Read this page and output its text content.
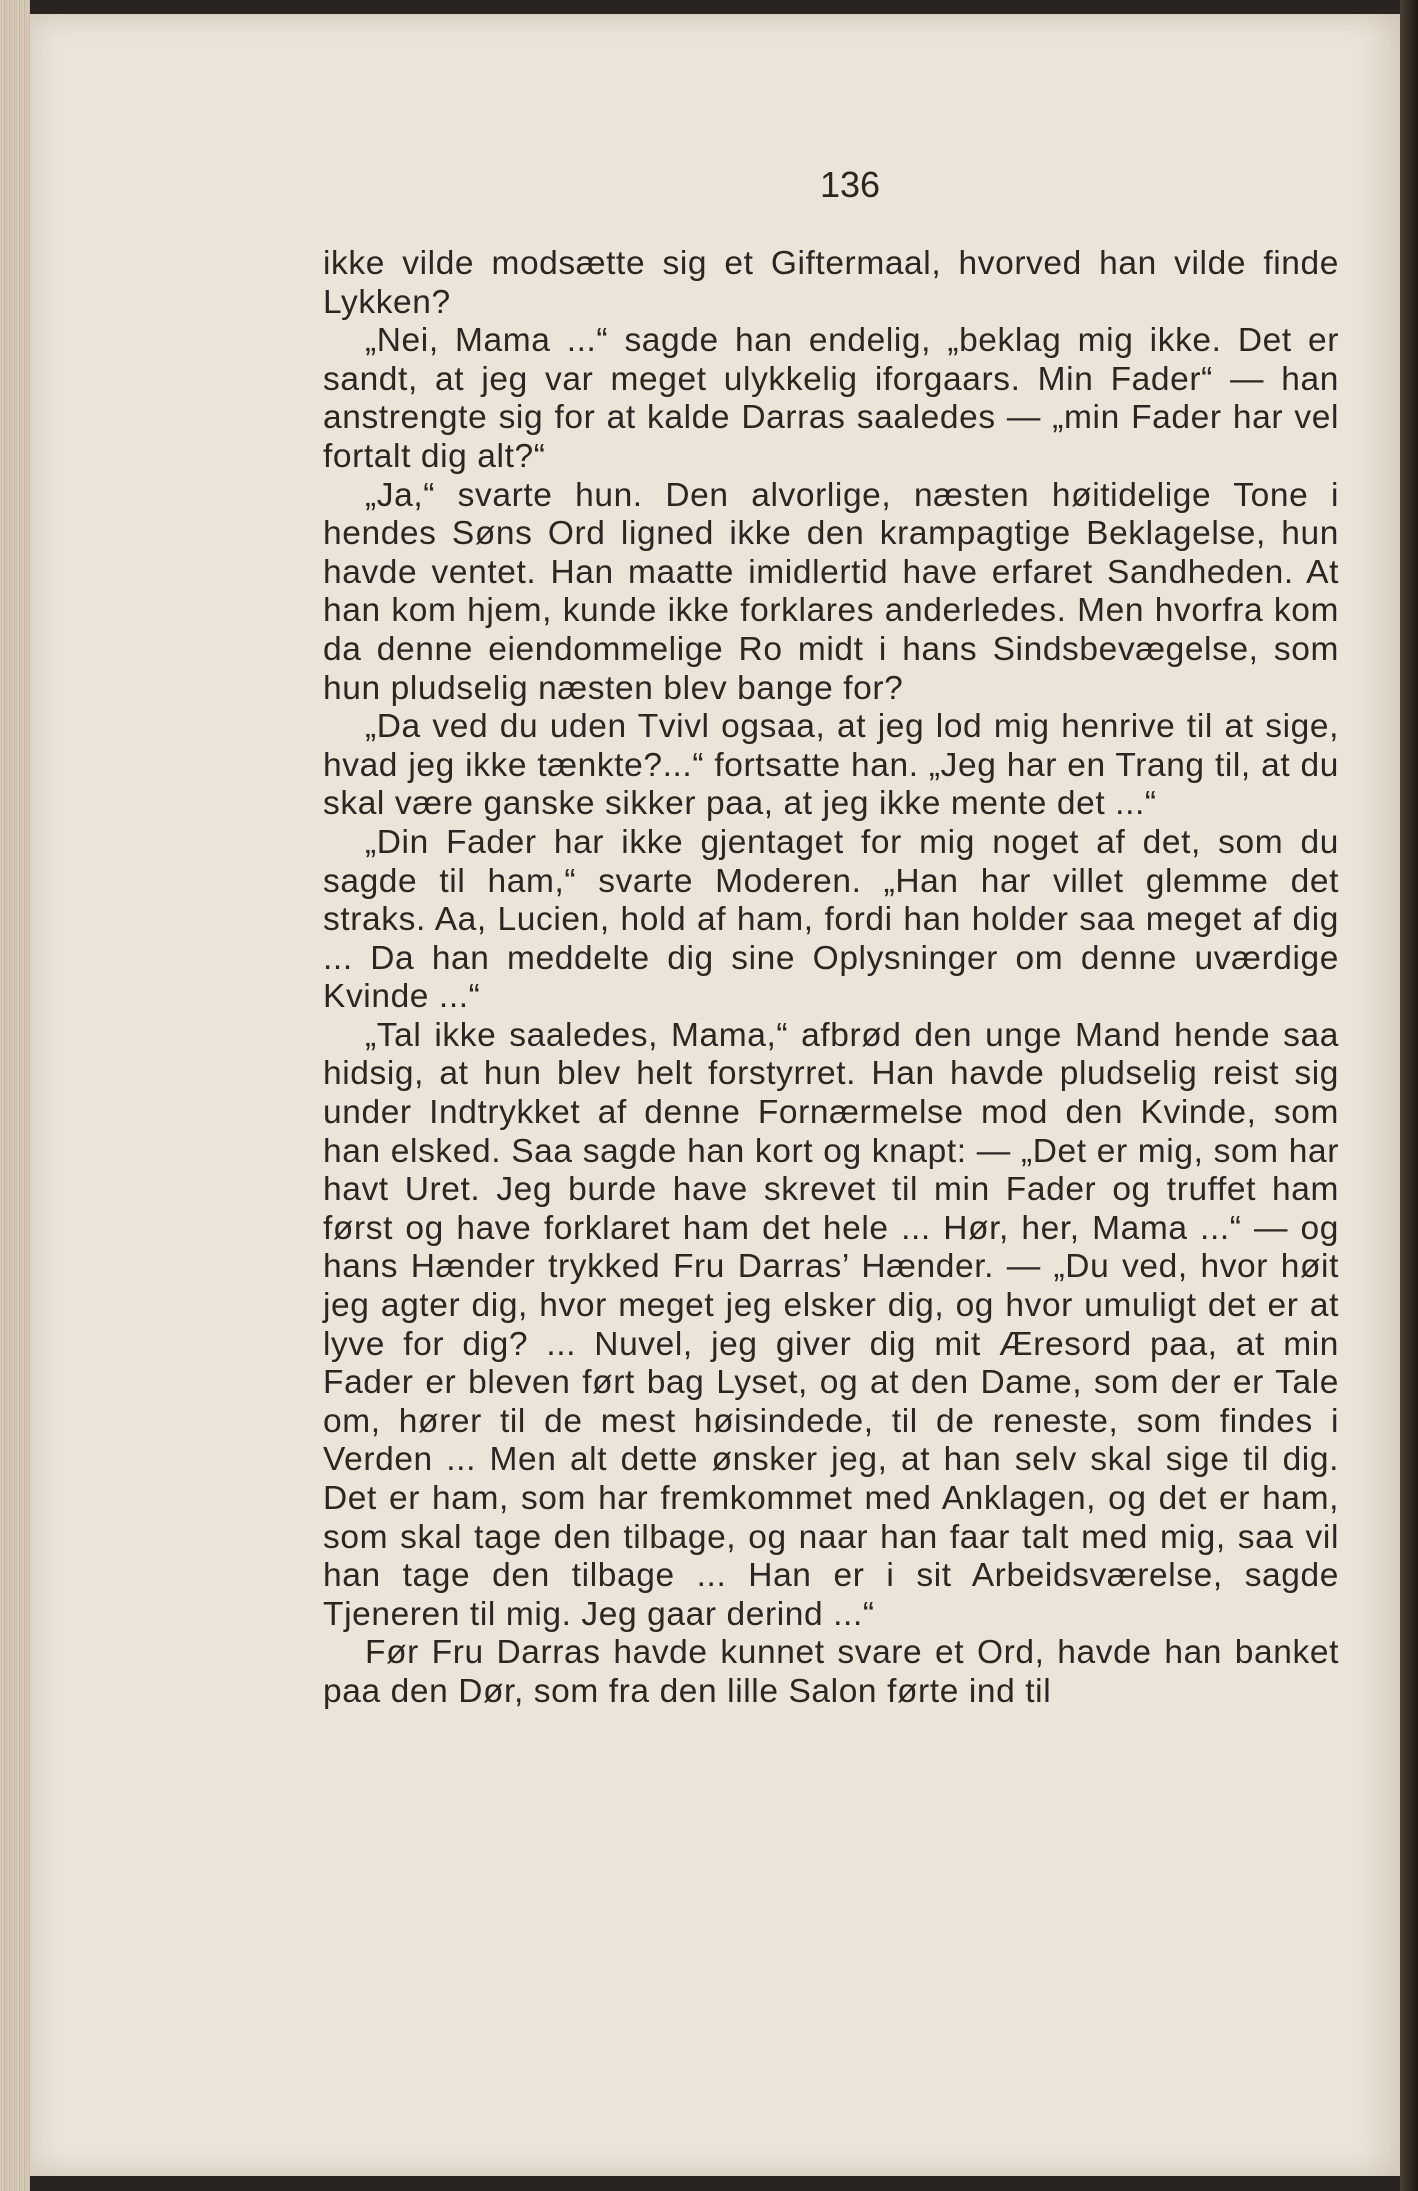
136

ikke vilde modsætte sig et Giftermaal, hvorved han vilde finde Lykken?

„Nei, Mama ...“ sagde han endelig, „beklag mig ikke. Det er sandt, at jeg var meget ulykkelig iforgaars. Min Fader“ — han anstrengte sig for at kalde Darras saaledes — „min Fader har vel fortalt dig alt?“

„Ja,“ svarte hun. Den alvorlige, næsten høitidelige Tone i hendes Søns Ord ligned ikke den krampagtige Beklagelse, hun havde ventet. Han maatte imidlertid have erfaret Sandheden. At han kom hjem, kunde ikke forklares anderledes. Men hvorfra kom da denne eiendommelige Ro midt i hans Sindsbevægelse, som hun pludselig næsten blev bange for?

„Da ved du uden Tvivl ogsaa, at jeg lod mig henrive til at sige, hvad jeg ikke tænkte?...“ fortsatte han. „Jeg har en Trang til, at du skal være ganske sikker paa, at jeg ikke mente det ...“

„Din Fader har ikke gjentaget for mig noget af det, som du sagde til ham,“ svarte Moderen. „Han har villet glemme det straks. Aa, Lucien, hold af ham, fordi han holder saa meget af dig ... Da han meddelte dig sine Oplysninger om denne uværdige Kvinde ...“

„Tal ikke saaledes, Mama,“ afbrød den unge Mand hende saa hidsig, at hun blev helt forstyrret. Han havde pludselig reist sig under Indtrykket af denne Fornærmelse mod den Kvinde, som han elsked. Saa sagde han kort og knapt: — „Det er mig, som har havt Uret. Jeg burde have skrevet til min Fader og truffet ham først og have forklaret ham det hele ... Hør, her, Mama ...“ — og hans Hænder trykked Fru Darras’ Hænder. — „Du ved, hvor høit jeg agter dig, hvor meget jeg elsker dig, og hvor umuligt det er at lyve for dig? ... Nuvel, jeg giver dig mit Æresord paa, at min Fader er bleven ført bag Lyset, og at den Dame, som der er Tale om, hører til de mest høisindede, til de reneste, som findes i Verden ... Men alt dette ønsker jeg, at han selv skal sige til dig. Det er ham, som har fremkommet med Anklagen, og det er ham, som skal tage den tilbage, og naar han faar talt med mig, saa vil han tage den tilbage ... Han er i sit Arbeidsværelse, sagde Tjeneren til mig. Jeg gaar derind ...“

Før Fru Darras havde kunnet svare et Ord, havde han banket paa den Dør, som fra den lille Salon førte ind til
